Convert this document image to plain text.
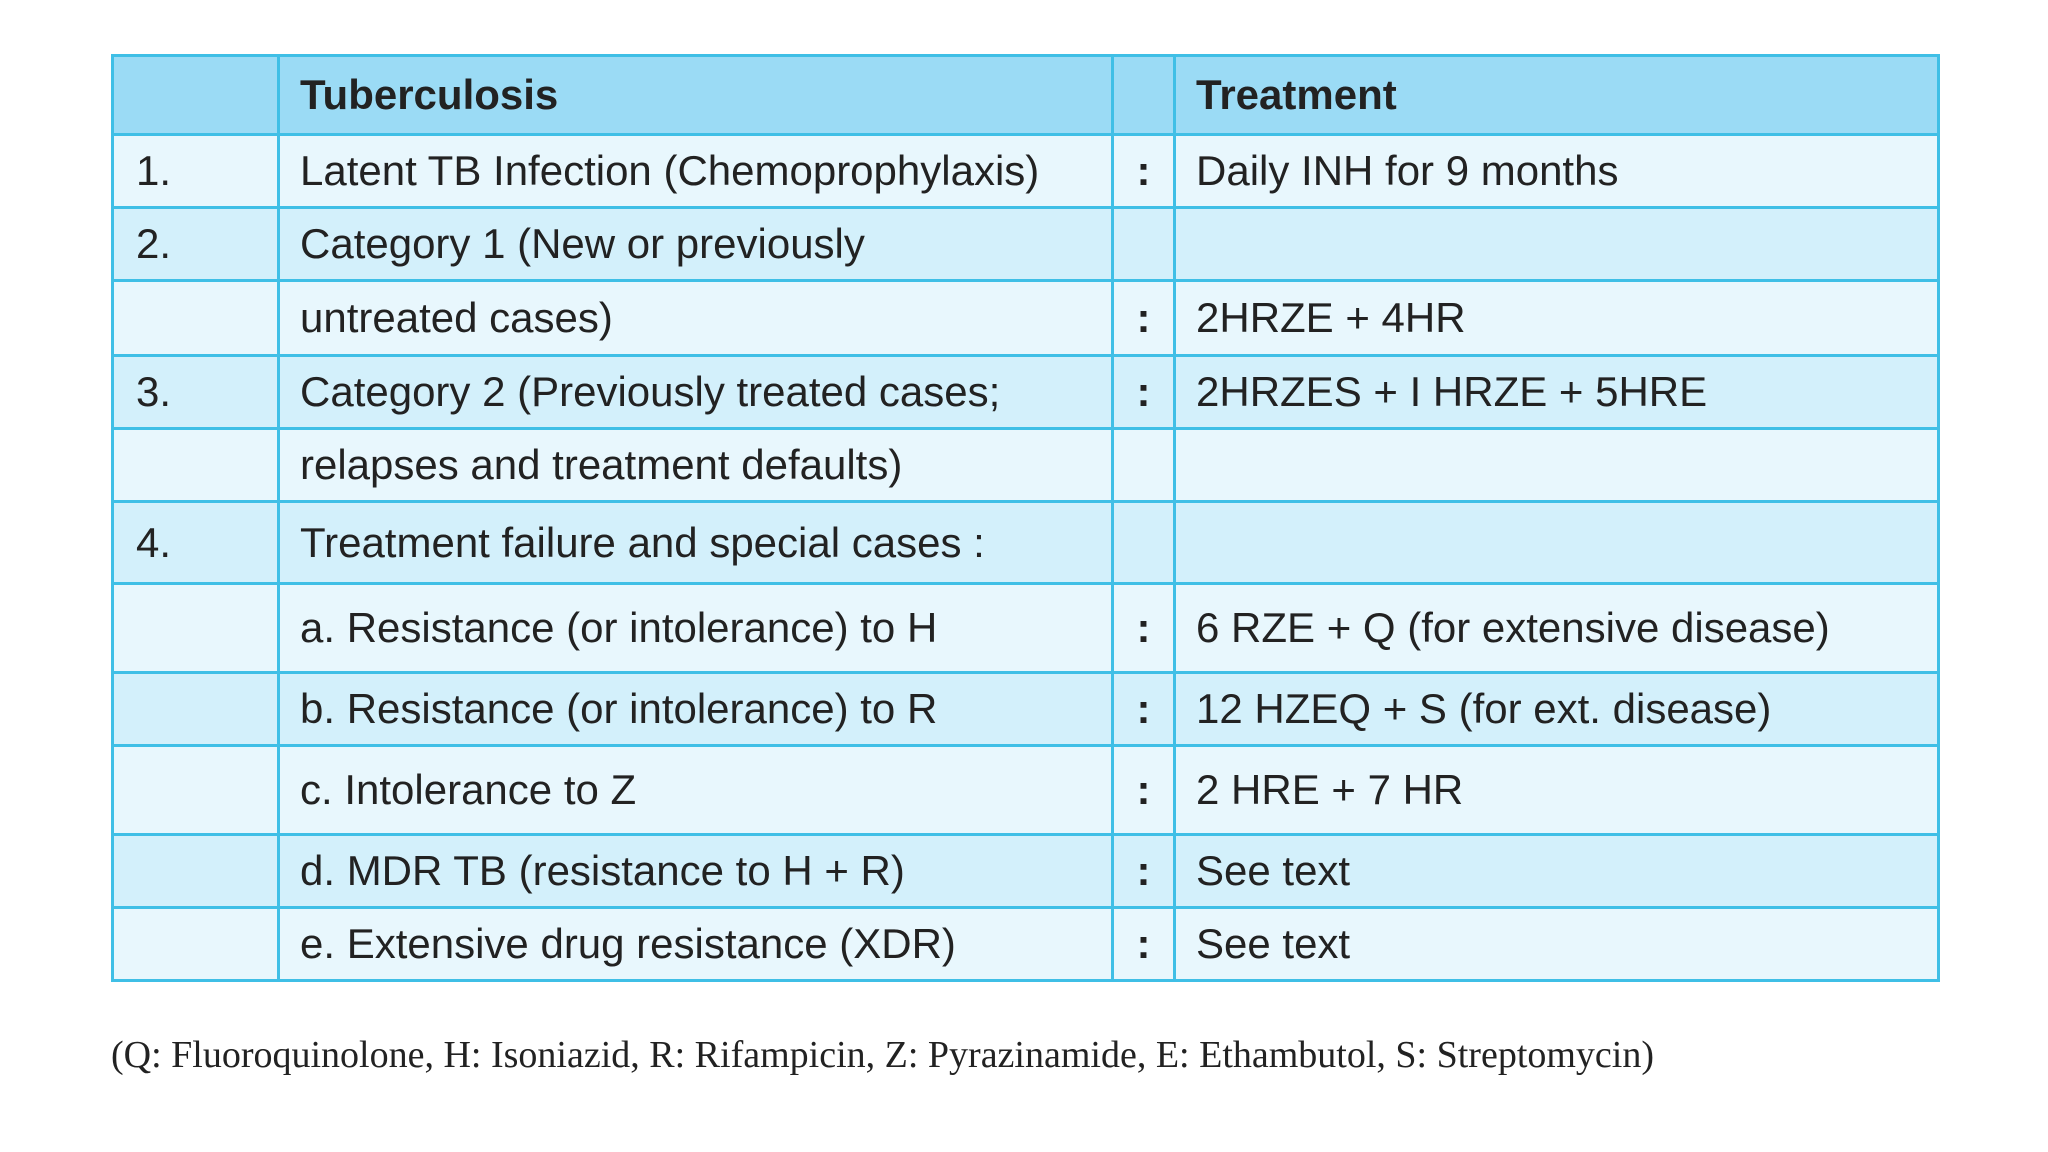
	Tuberculosis		Treatment
1.	Latent TB Infection (Chemoprophylaxis)	:	Daily INH for 9 months
2.	Category 1 (New or previously		
	untreated cases)	:	2HRZE + 4HR
3.	Category 2 (Previously treated cases;	:	2HRZES + I HRZE + 5HRE
	relapses and treatment defaults)		
4.	Treatment failure and special cases :		
	a. Resistance (or intolerance) to H	:	6 RZE + Q (for extensive disease)
	b. Resistance (or intolerance) to R	:	12 HZEQ + S (for ext. disease)
	c. Intolerance to Z	:	2 HRE + 7 HR
	d. MDR TB (resistance to H + R)	:	See text
	e. Extensive drug resistance (XDR)	:	See text
(Q: Fluoroquinolone, H: Isoniazid, R: Rifampicin, Z: Pyrazinamide, E: Ethambutol, S: Streptomycin)
